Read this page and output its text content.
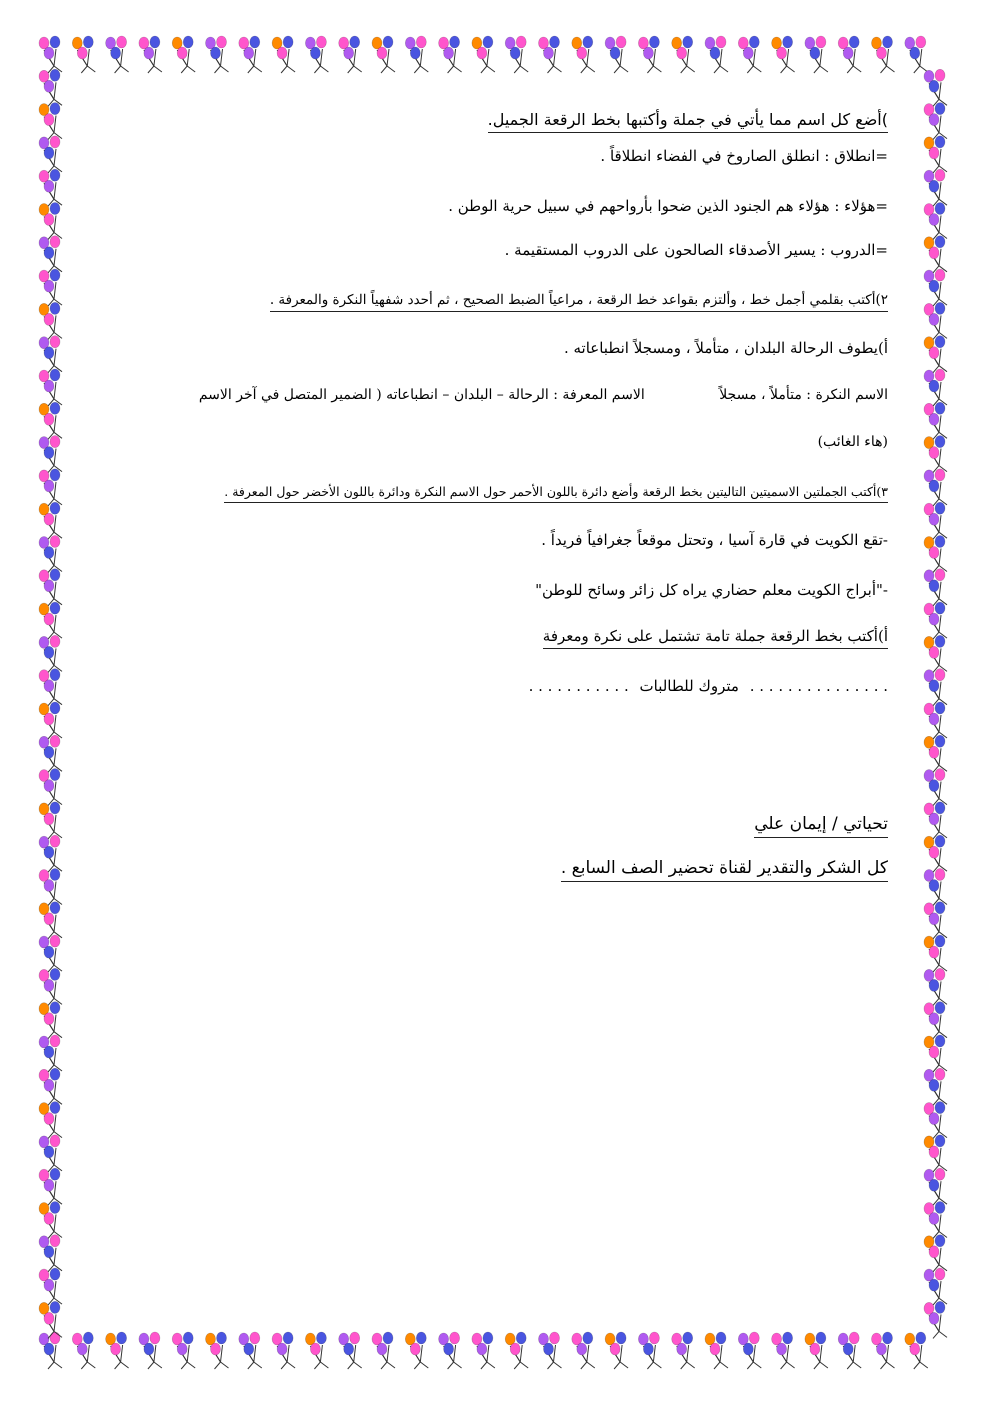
)أضع كل اسم مما يأتي في جملة وأكتبها بخط الرقعة الجميل.
=انطلاق : انطلق الصاروخ في الفضاء انطلاقاً .
=هؤلاء : هؤلاء هم الجنود الذين ضحوا بأرواحهم في سبيل حرية الوطن .
=الدروب : يسير الأصدقاء الصالحون على الدروب المستقيمة .
٢)أكتب بقلمي أجمل خط ، وألتزم بقواعد خط الرقعة ، مراعياً الضبط الصحيح ، ثم أحدد شفهياً النكرة والمعرفة .
أ)يطوف الرحالة البلدان ، متأملاً ، ومسجلاً انطباعاته .
الاسم النكرة : متأملاً ، مسجلاً الاسم المعرفة : الرحالة – البلدان – انطباعاته ( الضمير المتصل في آخر الاسم
(هاء الغائب)
٣)أكتب الجملتين الاسميتين التاليتين بخط الرقعة وأضع دائرة باللون الأحمر حول الاسم النكرة ودائرة باللون الأخضر حول المعرفة .
-تقع الكويت في قارة آسيا ، وتحتل موقعاً جغرافياً فريداً .
-"أبراج الكويت معلم حضاري يراه كل زائر وسائح للوطن"
أ)أكتب بخط الرقعة جملة تامة تشتمل على نكرة ومعرفة
. . . . . . . . . . . متروك للطالبات . . . . . . . . . . . . . . .
تحياتي / إيمان علي
كل الشكر والتقدير لقناة تحضير الصف السابع .
